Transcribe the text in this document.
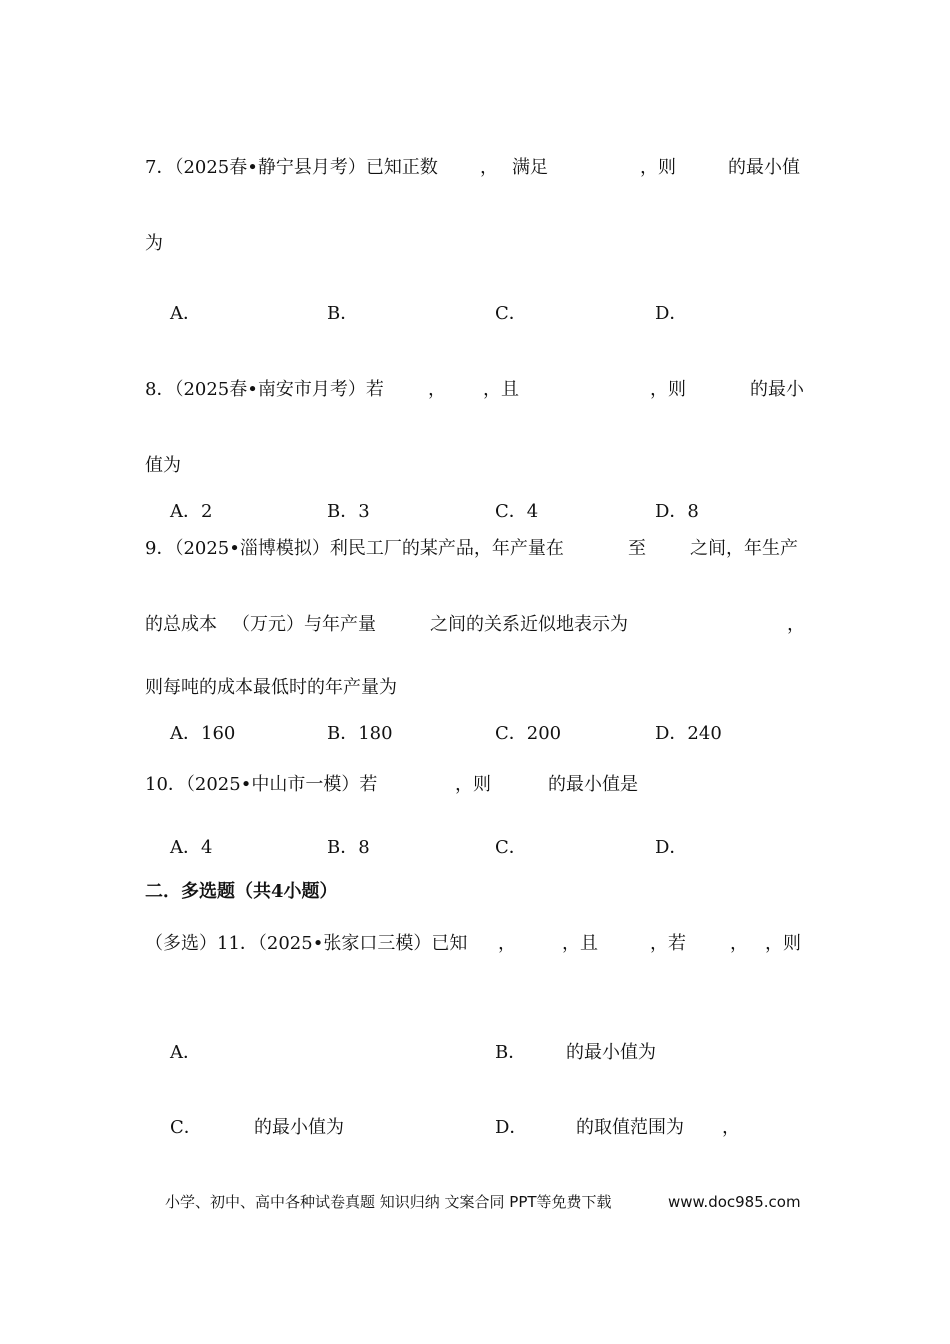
7．（2025春•静宁县月考）已知正数 ， 满足	，则	的最小值
为
A．	B．	C．	D．
8．（2025春•南安市月考）若 ， ，且	，则	的最小
值为
A．2	B．3	C．4	D．8
9．（2025•淄博模拟）利民工厂的某产品，年产量在	至 之间，年生产
的总成本 （万元）与年产量	之间的关系近似地表示为	，
则每吨的成本最低时的年产量为
A．160	B．180	C．200	D．240
10．（2025•中山市一模）若	，则	的最小值是
A．4	B．8	C．	D．
二．多选题（共4小题）
（多选）11．（2025•张家口三模）已知 ，	，且	，若 ， ，则
A．	B． 的最小值为
C．	的最小值为	D．	的取值范围为 ，
小学、初中、高中各种试卷真题 知识归纳 文案合同 PPT等免费下载	www.doc985.com
